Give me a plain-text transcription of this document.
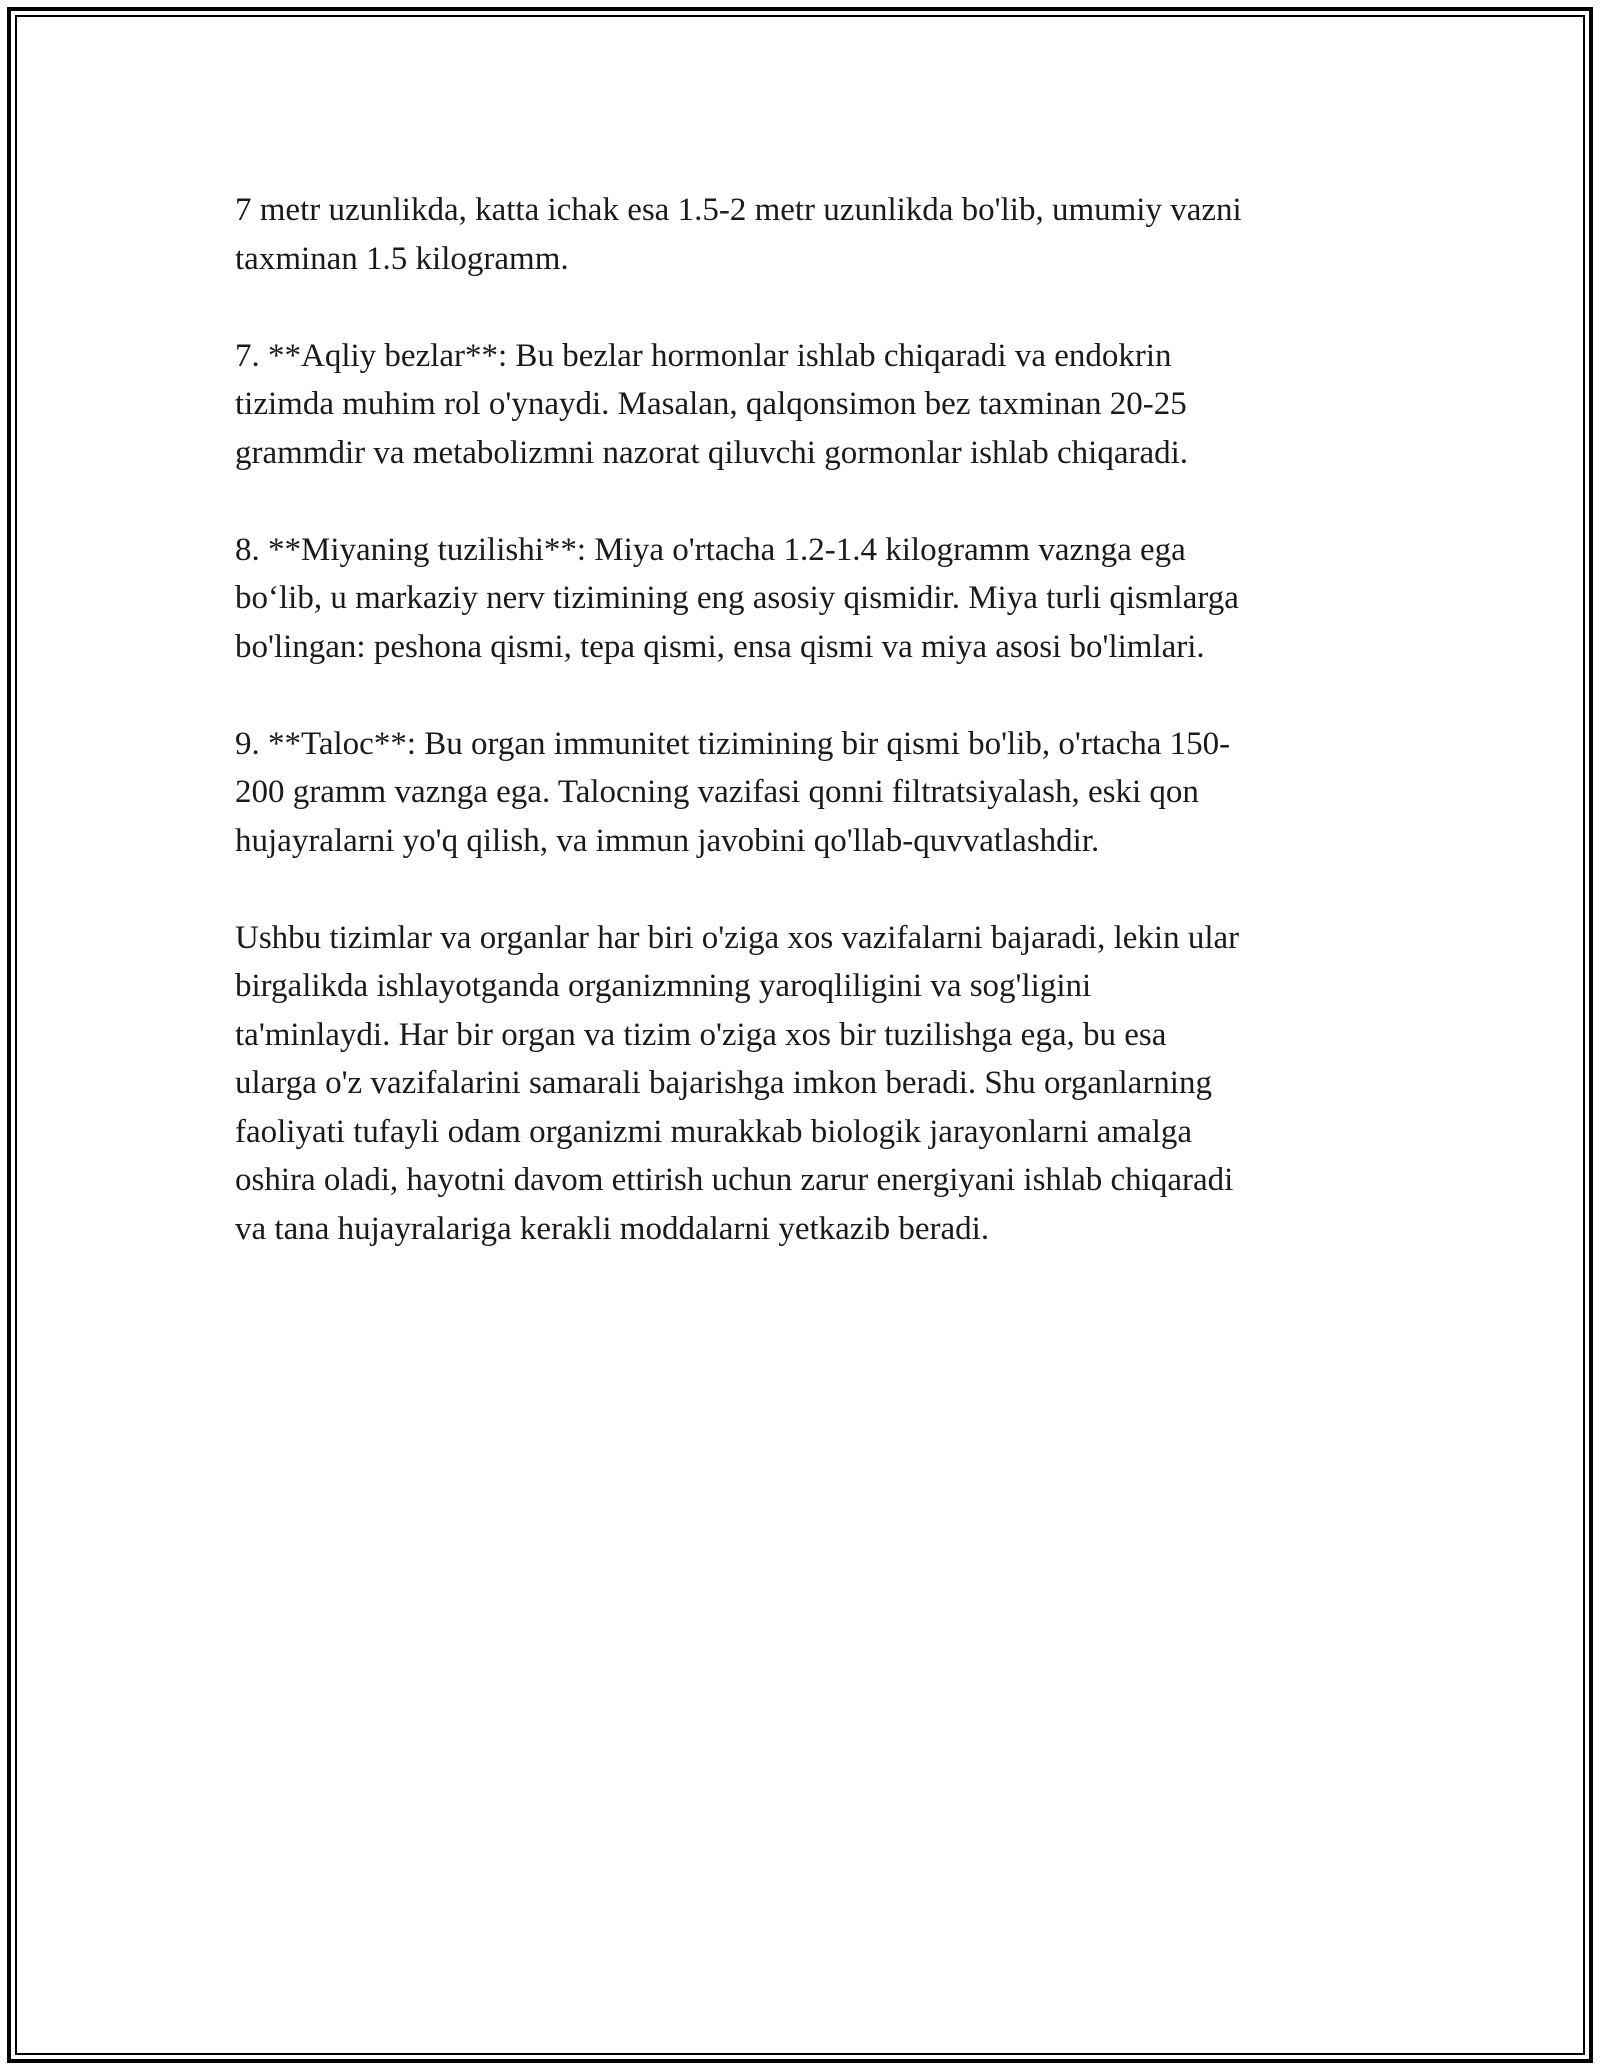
7 metr uzunlikda, katta ichak esa 1.5-2 metr uzunlikda bo'lib, umumiy vazni
taxminan 1.5 kilogramm.

7. **Aqliy bezlar**: Bu bezlar hormonlar ishlab chiqaradi va endokrin
tizimda muhim rol o'ynaydi. Masalan, qalqonsimon bez taxminan 20-25
grammdir va metabolizmni nazorat qiluvchi gormonlar ishlab chiqaradi.

8. **Miyaning tuzilishi**: Miya o'rtacha 1.2-1.4 kilogramm vaznga ega
bo‘lib, u markaziy nerv tizimining eng asosiy qismidir. Miya turli qismlarga
bo'lingan: peshona qismi, tepa qismi, ensa qismi va miya asosi bo'limlari.

9. **Taloc**: Bu organ immunitet tizimining bir qismi bo'lib, o'rtacha 150-
200 gramm vaznga ega. Talocning vazifasi qonni filtratsiyalash, eski qon
hujayralarni yo'q qilish, va immun javobini qo'llab-quvvatlashdir.

Ushbu tizimlar va organlar har biri o'ziga xos vazifalarni bajaradi, lekin ular
birgalikda ishlayotganda organizmning yaroqliligini va sog'ligini
ta'minlaydi. Har bir organ va tizim o'ziga xos bir tuzilishga ega, bu esa
ularga o'z vazifalarini samarali bajarishga imkon beradi. Shu organlarning
faoliyati tufayli odam organizmi murakkab biologik jarayonlarni amalga
oshira oladi, hayotni davom ettirish uchun zarur energiyani ishlab chiqaradi
va tana hujayralariga kerakli moddalarni yetkazib beradi.
